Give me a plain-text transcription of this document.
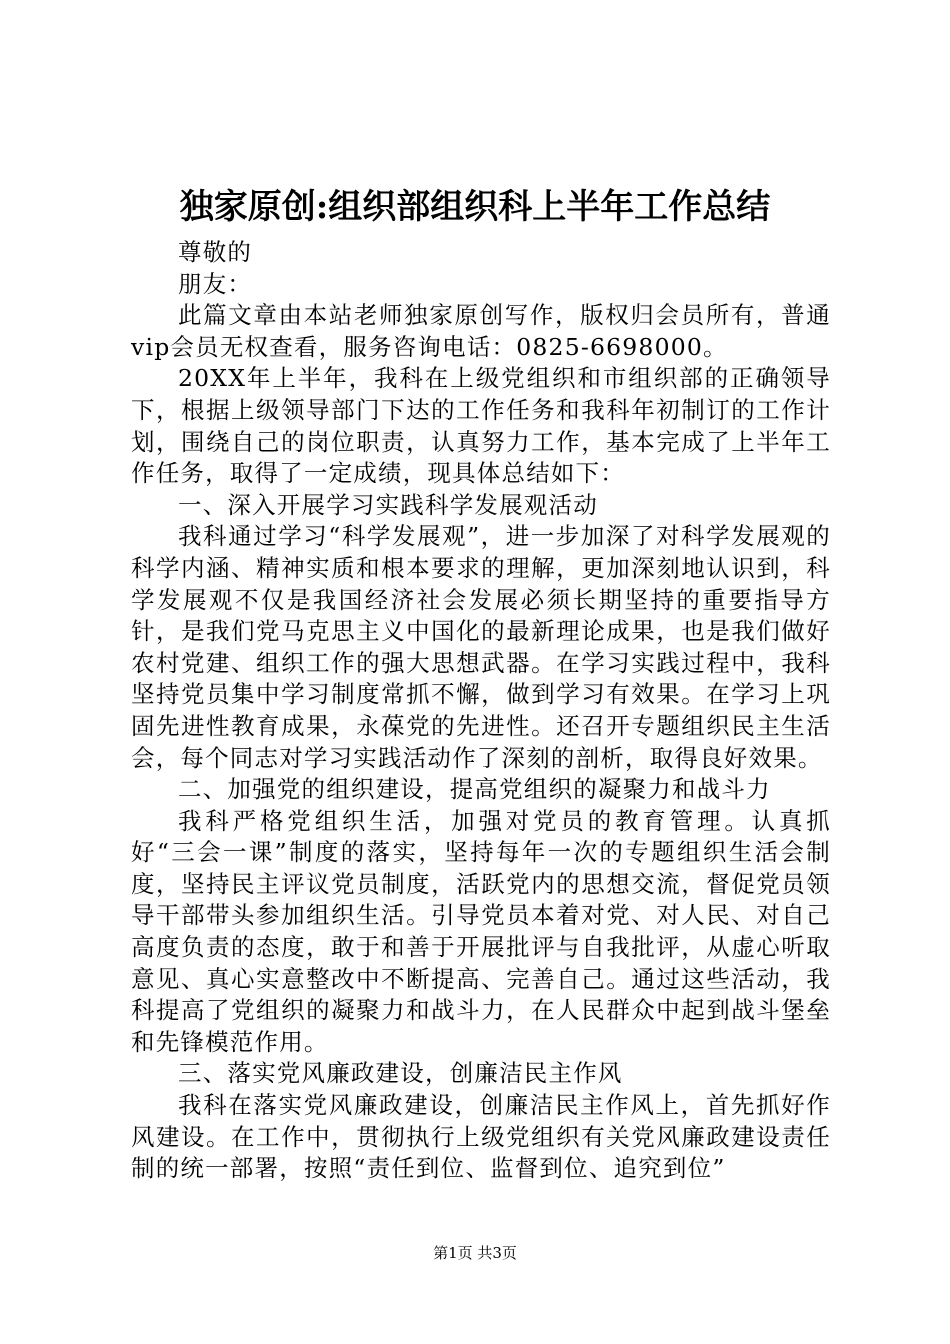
独家原创:组织部组织科上半年工作总结

尊敬的

朋友：

此篇文章由本站老师独家原创写作，版权归会员所有，普通vip会员无权查看，服务咨询电话：0825-6698000。

20XX年上半年，我科在上级党组织和市组织部的正确领导下，根据上级领导部门下达的工作任务和我科年初制订的工作计划，围绕自己的岗位职责，认真努力工作，基本完成了上半年工作任务，取得了一定成绩，现具体总结如下：

一、深入开展学习实践科学发展观活动

我科通过学习“科学发展观”，进一步加深了对科学发展观的科学内涵、精神实质和根本要求的理解，更加深刻地认识到，科学发展观不仅是我国经济社会发展必须长期坚持的重要指导方针，是我们党马克思主义中国化的最新理论成果，也是我们做好农村党建、组织工作的强大思想武器。在学习实践过程中，我科坚持党员集中学习制度常抓不懈，做到学习有效果。在学习上巩固先进性教育成果，永葆党的先进性。还召开专题组织民主生活会，每个同志对学习实践活动作了深刻的剖析，取得良好效果。

二、加强党的组织建设，提高党组织的凝聚力和战斗力

我科严格党组织生活，加强对党员的教育管理。认真抓好“三会一课”制度的落实，坚持每年一次的专题组织生活会制度，坚持民主评议党员制度，活跃党内的思想交流，督促党员领导干部带头参加组织生活。引导党员本着对党、对人民、对自己高度负责的态度，敢于和善于开展批评与自我批评，从虚心听取意见、真心实意整改中不断提高、完善自己。通过这些活动，我科提高了党组织的凝聚力和战斗力，在人民群众中起到战斗堡垒和先锋模范作用。

三、落实党风廉政建设，创廉洁民主作风

我科在落实党风廉政建设，创廉洁民主作风上，首先抓好作风建设。在工作中，贯彻执行上级党组织有关党风廉政建设责任制的统一部署，按照“责任到位、监督到位、追究到位”

第1页 共3页
